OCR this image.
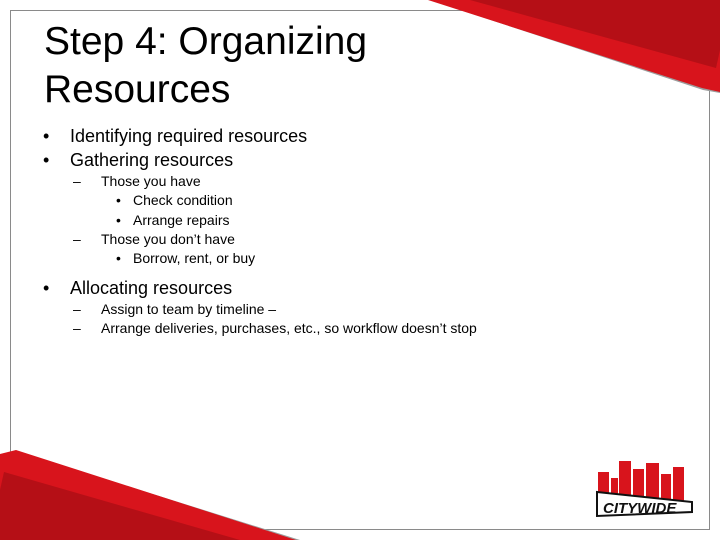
Step 4: Organizing
Resources
• Identifying required resources
• Gathering resources
– Those you have
• Check condition
• Arrange repairs
– Those you don’t have
• Borrow, rent, or buy
• Allocating resources
– Assign to team by timeline –
– Arrange deliveries, purchases, etc., so workflow doesn’t stop
CITYWIDE
